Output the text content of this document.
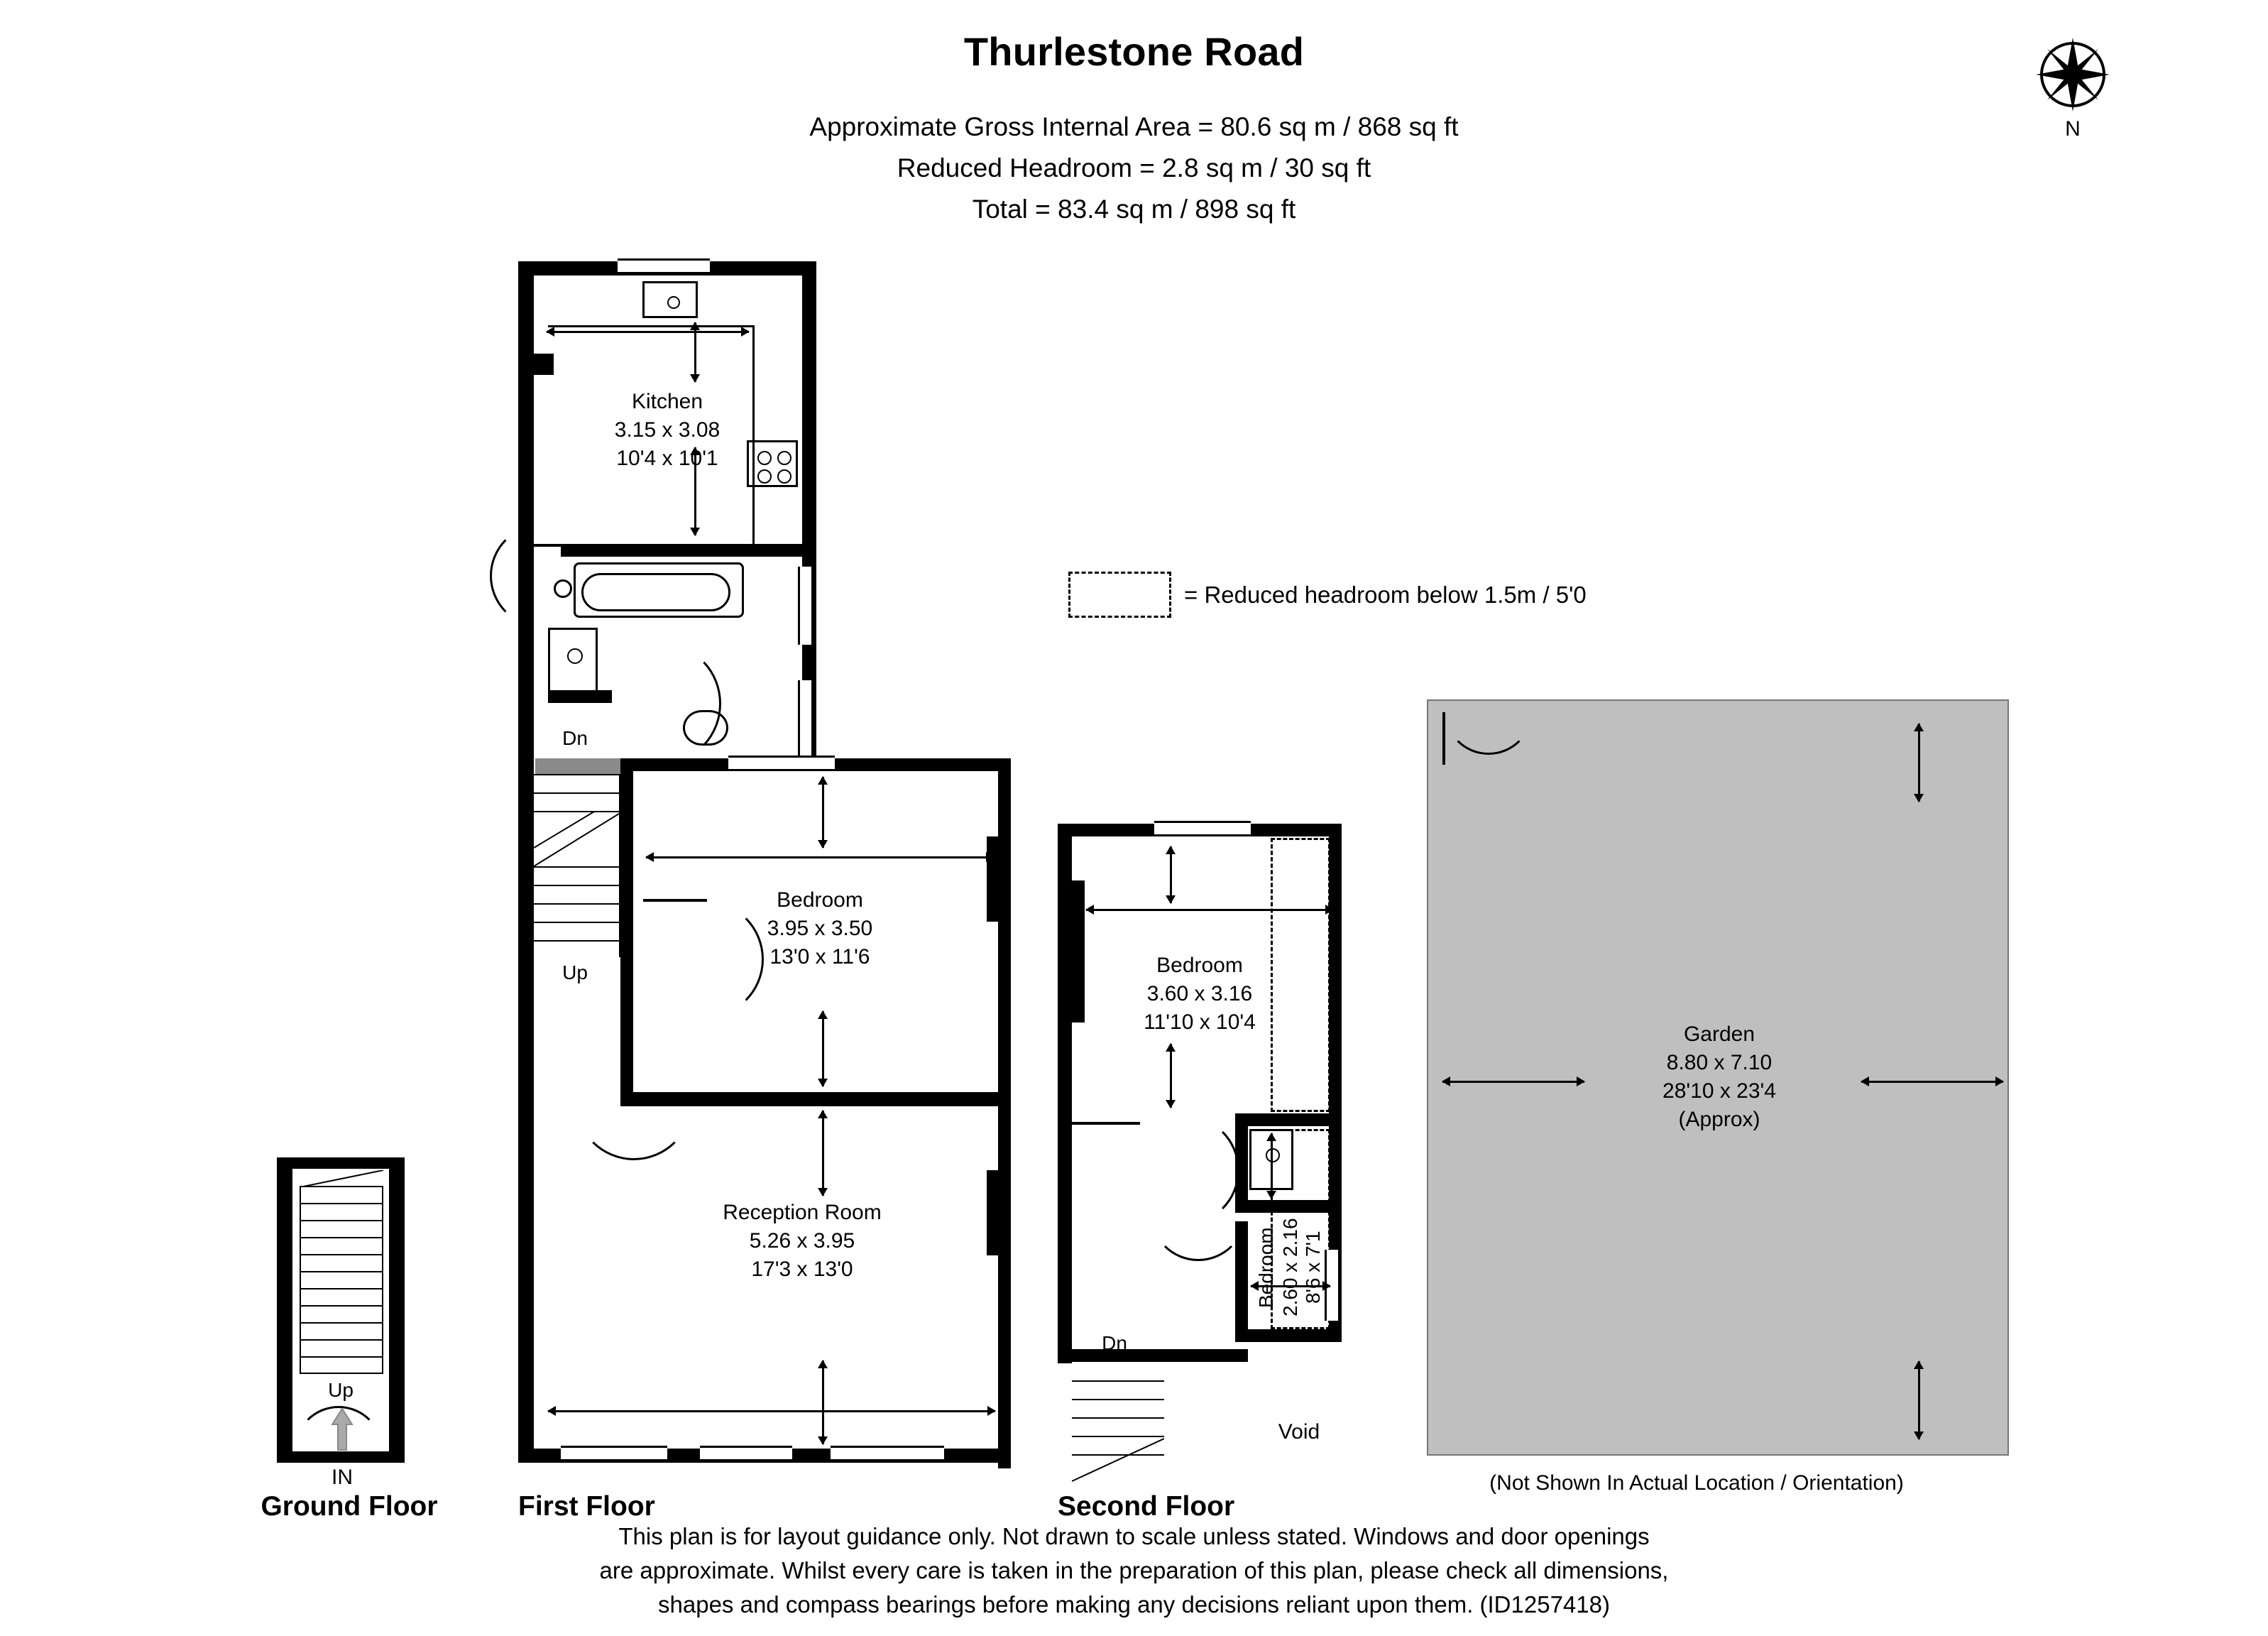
Thurlestone Road
Approximate Gross Internal Area = 80.6 sq m / 868 sq ft
Reduced Headroom = 2.8 sq m / 30 sq ft
Total = 83.4 sq m / 898 sq ft
N
= Reduced headroom below 1.5m / 5'0
Up
IN
Ground Floor
Kitchen
3.15 x 3.08
10'4 x 10'1
Dn
Up
Bedroom
3.95 x 3.50
13'0 x 11'6
Reception Room
5.26 x 3.95
17'3 x 13'0
First Floor
Bedroom
3.60 x 3.16
11'10 x 10'4
Bedroom 2.60 x 2.16 8'6 x 7'1
Dn
Void
Second Floor
Garden
8.80 x 7.10
28'10 x 23'4
(Approx)
(Not Shown In Actual Location / Orientation)
This plan is for layout guidance only. Not drawn to scale unless stated. Windows and door openings
are approximate. Whilst every care is taken in the preparation of this plan, please check all dimensions,
shapes and compass bearings before making any decisions reliant upon them. (ID1257418)
